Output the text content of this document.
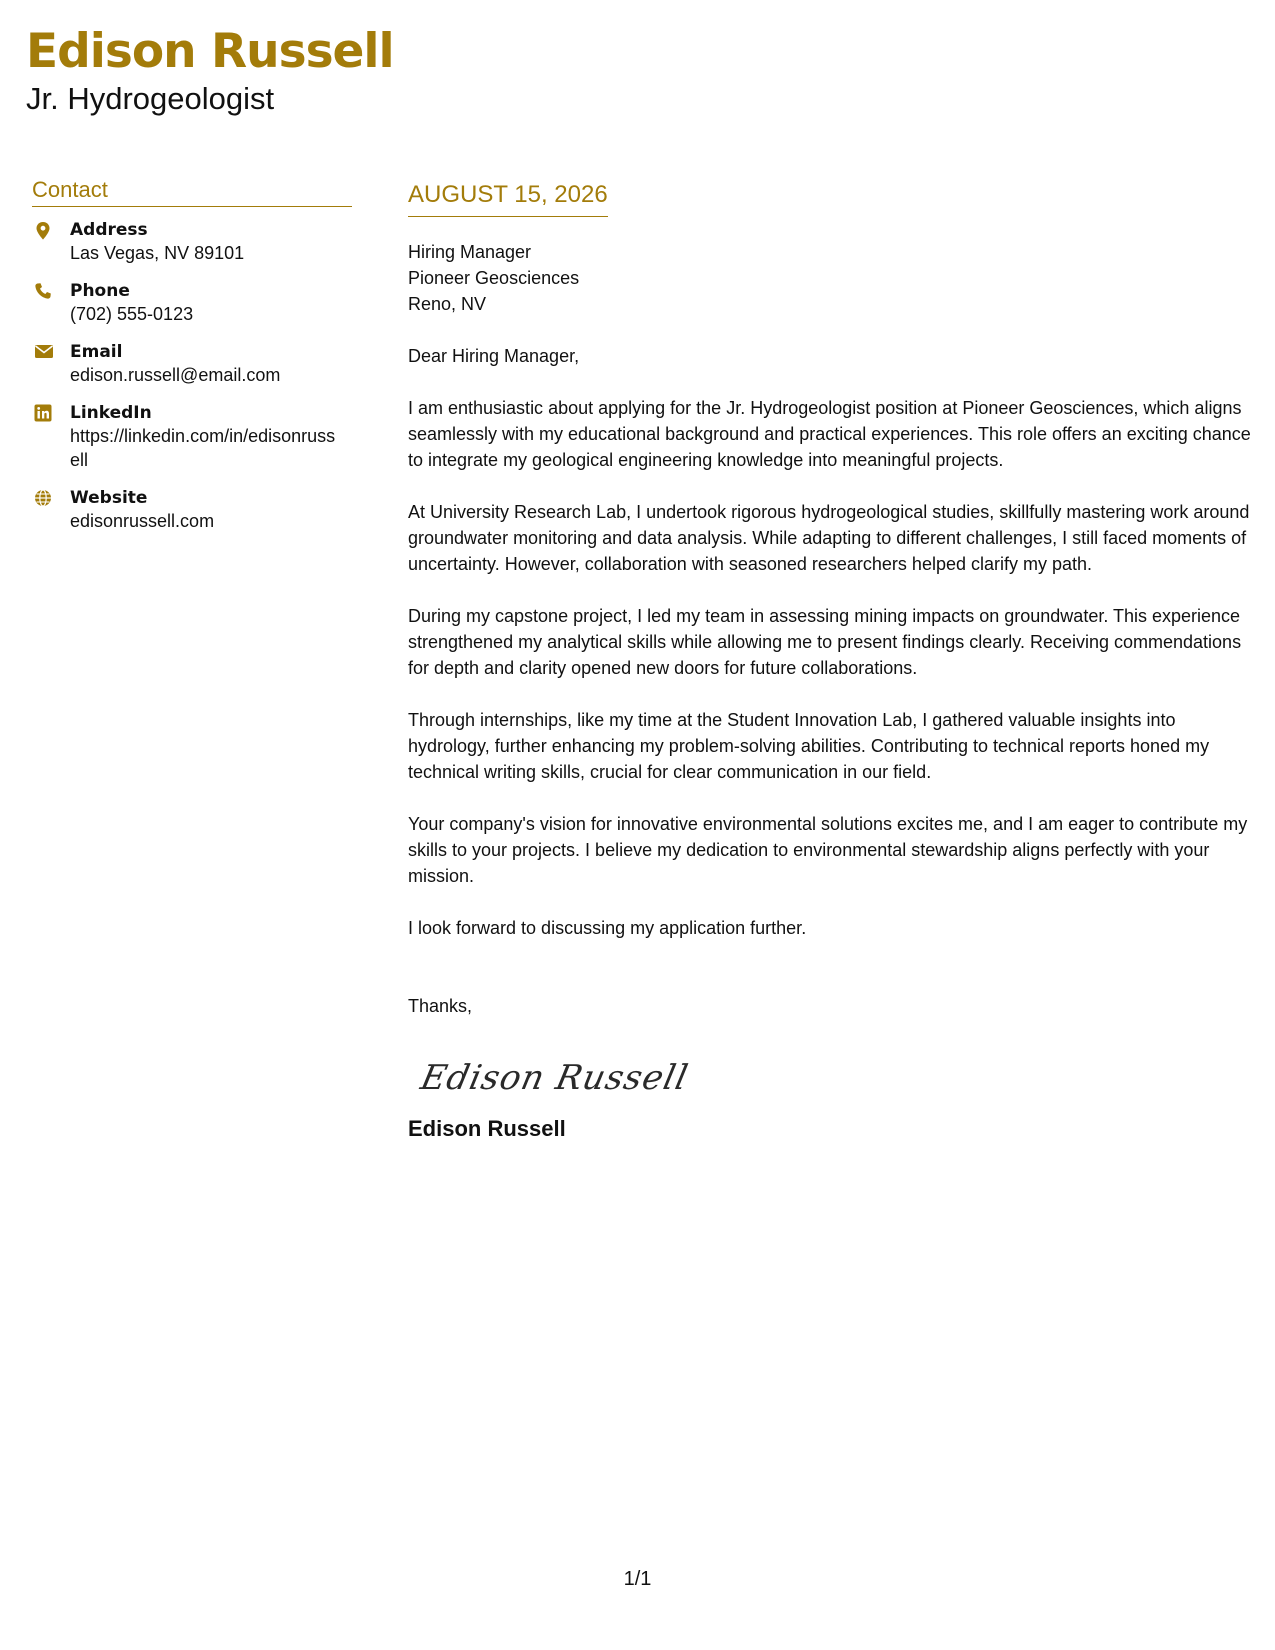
Edison Russell
Jr. Hydrogeologist
Contact
Address
Las Vegas, NV 89101
Phone
(702) 555-0123
Email
edison.russell@email.com
LinkedIn
https://linkedin.com/in/edisonrussell
Website
edisonrussell.com
AUGUST 15, 2026
Hiring Manager
Pioneer Geosciences
Reno, NV
Dear Hiring Manager,
I am enthusiastic about applying for the Jr. Hydrogeologist position at Pioneer Geosciences, which aligns seamlessly with my educational background and practical experiences. This role offers an exciting chance to integrate my geological engineering knowledge into meaningful projects.
At University Research Lab, I undertook rigorous hydrogeological studies, skillfully mastering work around groundwater monitoring and data analysis. While adapting to different challenges, I still faced moments of uncertainty. However, collaboration with seasoned researchers helped clarify my path.
During my capstone project, I led my team in assessing mining impacts on groundwater. This experience strengthened my analytical skills while allowing me to present findings clearly. Receiving commendations for depth and clarity opened new doors for future collaborations.
Through internships, like my time at the Student Innovation Lab, I gathered valuable insights into hydrology, further enhancing my problem-solving abilities. Contributing to technical reports honed my technical writing skills, crucial for clear communication in our field.
Your company's vision for innovative environmental solutions excites me, and I am eager to contribute my skills to your projects. I believe my dedication to environmental stewardship aligns perfectly with your mission.
I look forward to discussing my application further.
Thanks,
Edison Russell
Edison Russell
1/1
